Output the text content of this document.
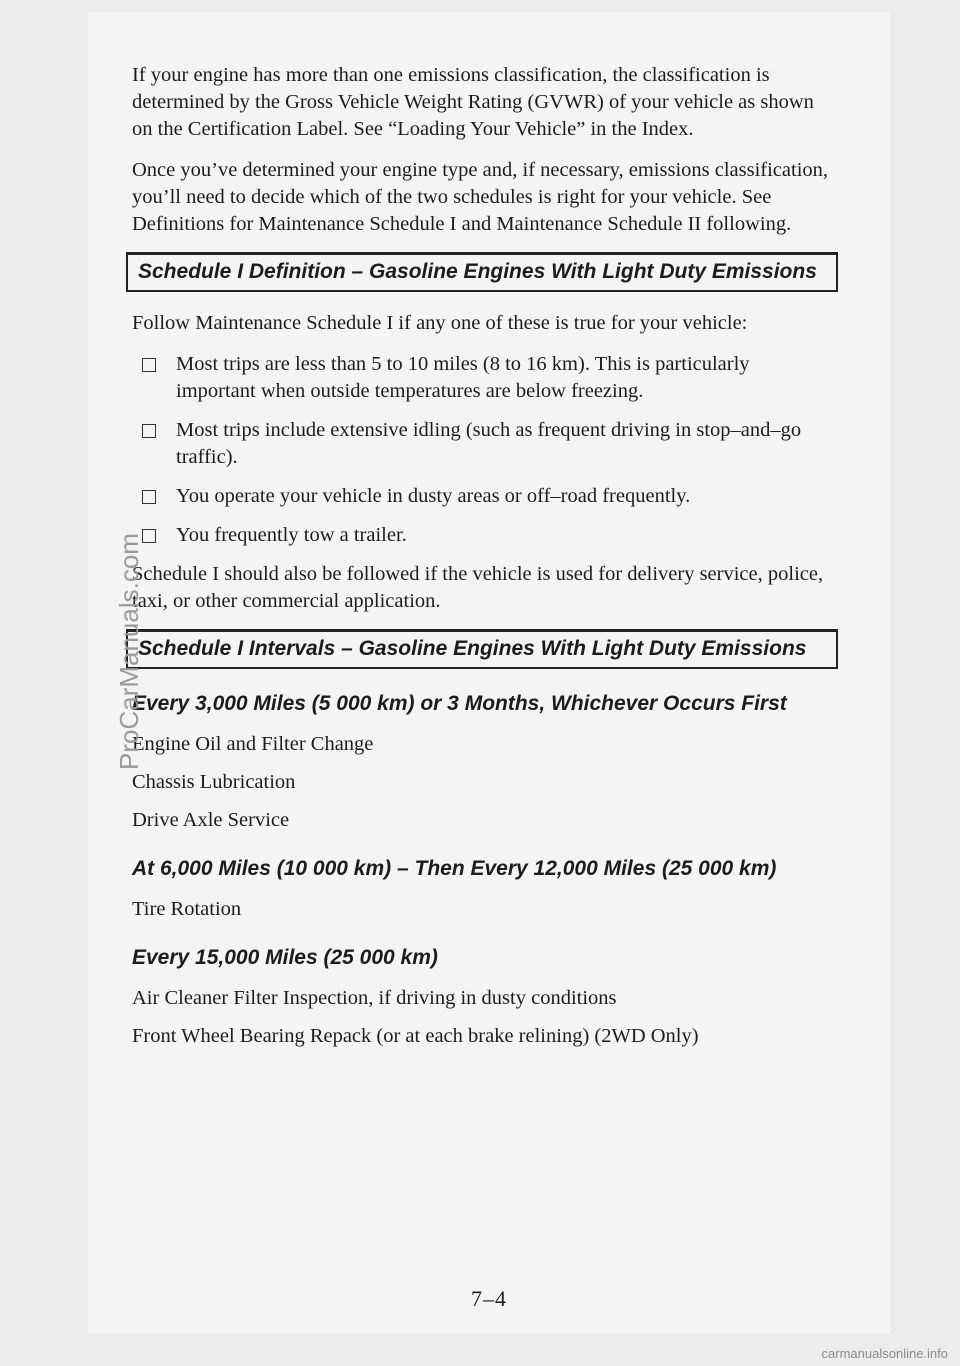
If your engine has more than one emissions classification, the classification is determined by the Gross Vehicle Weight Rating (GVWR) of your vehicle as shown on the Certification Label. See “Loading Your Vehicle” in the Index.

Once you’ve determined your engine type and, if necessary, emissions classification, you’ll need to decide which of the two schedules is right for your vehicle. See Definitions for Maintenance Schedule I and Maintenance Schedule II following.

Schedule I Definition – Gasoline Engines With Light Duty Emissions

Follow Maintenance Schedule I if any one of these is true for your vehicle:

Most trips are less than 5 to 10 miles (8 to 16 km). This is particularly important when outside temperatures are below freezing.
Most trips include extensive idling (such as frequent driving in stop–and–go traffic).
You operate your vehicle in dusty areas or off–road frequently.
You frequently tow a trailer.

Schedule I should also be followed if the vehicle is used for delivery service, police, taxi, or other commercial application.

Schedule I Intervals – Gasoline Engines With Light Duty Emissions
Every 3,000 Miles (5 000 km) or 3 Months, Whichever Occurs First

Engine Oil and Filter Change

Chassis Lubrication

Drive Axle Service

At 6,000 Miles (10 000 km) – Then Every 12,000 Miles (25 000 km)

Tire Rotation

Every 15,000 Miles (25 000 km)

Air Cleaner Filter Inspection, if driving in dusty conditions

Front Wheel Bearing Repack (or at each brake relining) (2WD Only)

7–4
ProCarManuals.com
carmanualsonline.info
